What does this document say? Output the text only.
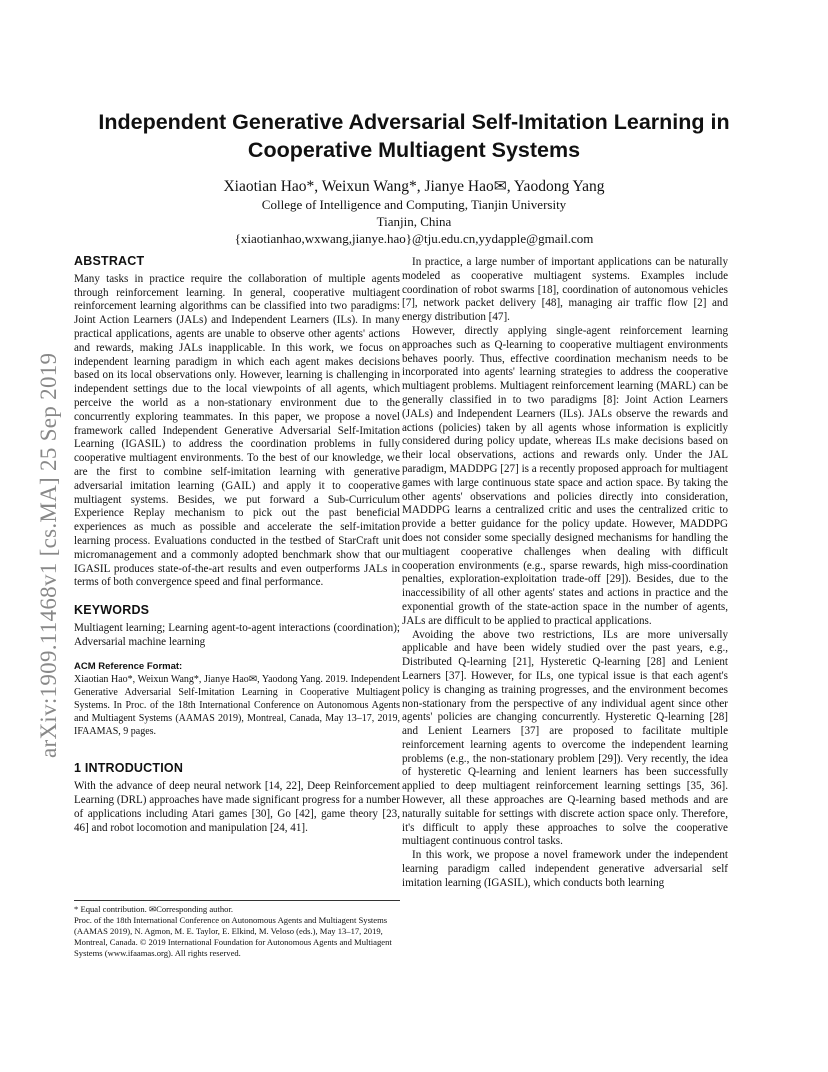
arXiv:1909.11468v1 [cs.MA] 25 Sep 2019
Independent Generative Adversarial Self-Imitation Learning in Cooperative Multiagent Systems
Xiaotian Hao*, Weixun Wang*, Jianye Hao✉, Yaodong Yang
College of Intelligence and Computing, Tianjin University
Tianjin, China
{xiaotianhao,wxwang,jianye.hao}@tju.edu.cn,yydapple@gmail.com
ABSTRACT

Many tasks in practice require the collaboration of multiple agents through reinforcement learning. In general, cooperative multiagent reinforcement learning algorithms can be classified into two paradigms: Joint Action Learners (JALs) and Independent Learners (ILs). In many practical applications, agents are unable to observe other agents' actions and rewards, making JALs inapplicable. In this work, we focus on independent learning paradigm in which each agent makes decisions based on its local observations only. However, learning is challenging in independent settings due to the local viewpoints of all agents, which perceive the world as a non-stationary environment due to the concurrently exploring teammates. In this paper, we propose a novel framework called Independent Generative Adversarial Self-Imitation Learning (IGASIL) to address the coordination problems in fully cooperative multiagent environments. To the best of our knowledge, we are the first to combine self-imitation learning with generative adversarial imitation learning (GAIL) and apply it to cooperative multiagent systems. Besides, we put forward a Sub-Curriculum Experience Replay mechanism to pick out the past beneficial experiences as much as possible and accelerate the self-imitation learning process. Evaluations conducted in the testbed of StarCraft unit micromanagement and a commonly adopted benchmark show that our IGASIL produces state-of-the-art results and even outperforms JALs in terms of both convergence speed and final performance.

KEYWORDS

Multiagent learning; Learning agent-to-agent interactions (coordination); Adversarial machine learning

ACM Reference Format:

Xiaotian Hao*, Weixun Wang*, Jianye Hao✉, Yaodong Yang. 2019. Independent Generative Adversarial Self-Imitation Learning in Cooperative Multiagent Systems. In Proc. of the 18th International Conference on Autonomous Agents and Multiagent Systems (AAMAS 2019), Montreal, Canada, May 13–17, 2019, IFAAMAS, 9 pages.

1 INTRODUCTION

With the advance of deep neural network [14, 22], Deep Reinforcement Learning (DRL) approaches have made significant progress for a number of applications including Atari games [30], Go [42], game theory [23, 46] and robot locomotion and manipulation [24, 41].

* Equal contribution. ✉Corresponding author.

Proc. of the 18th International Conference on Autonomous Agents and Multiagent Systems (AAMAS 2019), N. Agmon, M. E. Taylor, E. Elkind, M. Veloso (eds.), May 13–17, 2019, Montreal, Canada. © 2019 International Foundation for Autonomous Agents and Multiagent Systems (www.ifaamas.org). All rights reserved.

In practice, a large number of important applications can be naturally modeled as cooperative multiagent systems. Examples include coordination of robot swarms [18], coordination of autonomous vehicles [7], network packet delivery [48], managing air traffic flow [2] and energy distribution [47].

However, directly applying single-agent reinforcement learning approaches such as Q-learning to cooperative multiagent environments behaves poorly. Thus, effective coordination mechanism needs to be incorporated into agents' learning strategies to address the cooperative multiagent problems. Multiagent reinforcement learning (MARL) can be generally classified in to two paradigms [8]: Joint Action Learners (JALs) and Independent Learners (ILs). JALs observe the rewards and actions (policies) taken by all agents whose information is explicitly considered during policy update, whereas ILs make decisions based on their local observations, actions and rewards only. Under the JAL paradigm, MADDPG [27] is a recently proposed approach for multiagent games with large continuous state space and action space. By taking the other agents' observations and policies directly into consideration, MADDPG learns a centralized critic and uses the centralized critic to provide a better guidance for the policy update. However, MADDPG does not consider some specially designed mechanisms for handling the multiagent cooperative challenges when dealing with difficult cooperation environments (e.g., sparse rewards, high miss-coordination penalties, exploration-exploitation trade-off [29]). Besides, due to the inaccessibility of all other agents' states and actions in practice and the exponential growth of the state-action space in the number of agents, JALs are difficult to be applied to practical applications.

Avoiding the above two restrictions, ILs are more universally applicable and have been widely studied over the past years, e.g., Distributed Q-learning [21], Hysteretic Q-learning [28] and Lenient Learners [37]. However, for ILs, one typical issue is that each agent's policy is changing as training progresses, and the environment becomes non-stationary from the perspective of any individual agent since other agents' policies are changing concurrently. Hysteretic Q-learning [28] and Lenient Learners [37] are proposed to facilitate multiple reinforcement learning agents to overcome the independent learning problems (e.g., the non-stationary problem [29]). Very recently, the idea of hysteretic Q-learning and lenient learners has been successfully applied to deep multiagent reinforcement learning settings [35, 36]. However, all these approaches are Q-learning based methods and are naturally suitable for settings with discrete action space only. Therefore, it's difficult to apply these approaches to solve the cooperative multiagent continuous control tasks.

In this work, we propose a novel framework under the independent learning paradigm called independent generative adversarial self imitation learning (IGASIL), which conducts both learning
